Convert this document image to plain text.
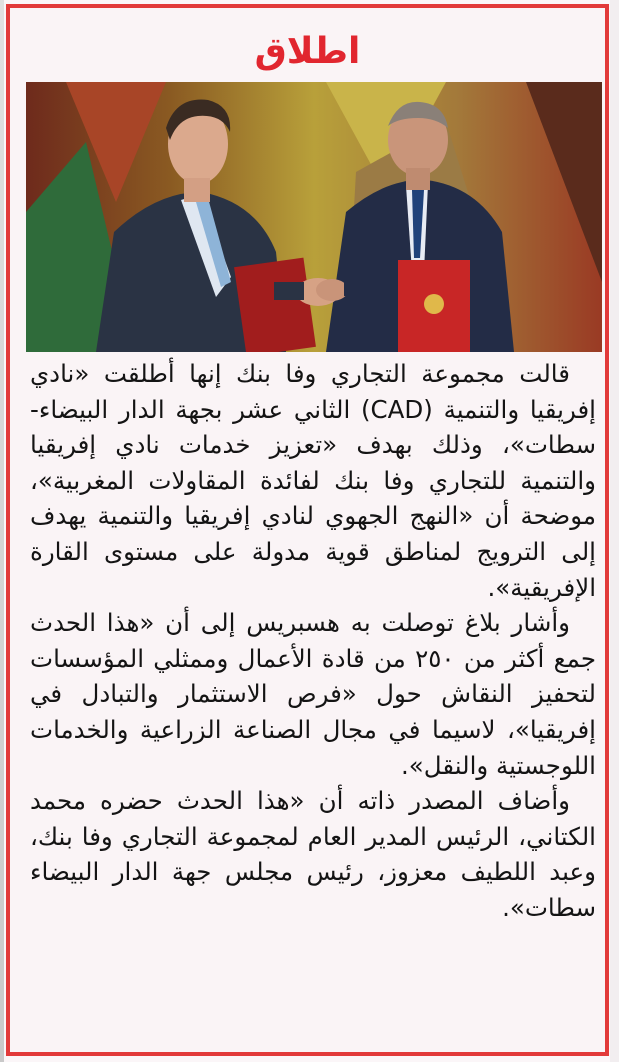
اطلاق

قالت مجموعة التجاري وفا بنك إنها أطلقت «نادي إفريقيا والتنمية (CAD) الثاني عشر بجهة الدار البيضاء-سطات»، وذلك بهدف «تعزيز خدمات نادي إفريقيا والتنمية للتجاري وفا بنك لفائدة المقاولات المغربية»، موضحة أن «النهج الجهوي لنادي إفريقيا والتنمية يهدف إلى الترويج لمناطق قوية مدولة على مستوى القارة الإفريقية».

وأشار بلاغ توصلت به هسبريس إلى أن «هذا الحدث جمع أكثر من ٢٥٠ من قادة الأعمال وممثلي المؤسسات لتحفيز النقاش حول «فرص الاستثمار والتبادل في إفريقيا»، لاسيما في مجال الصناعة الزراعية والخدمات اللوجستية والنقل».

وأضاف المصدر ذاته أن «هذا الحدث حضره محمد الكتاني، الرئيس المدير العام لمجموعة التجاري وفا بنك، وعبد اللطيف معزوز، رئيس مجلس جهة الدار البيضاء سطات».
